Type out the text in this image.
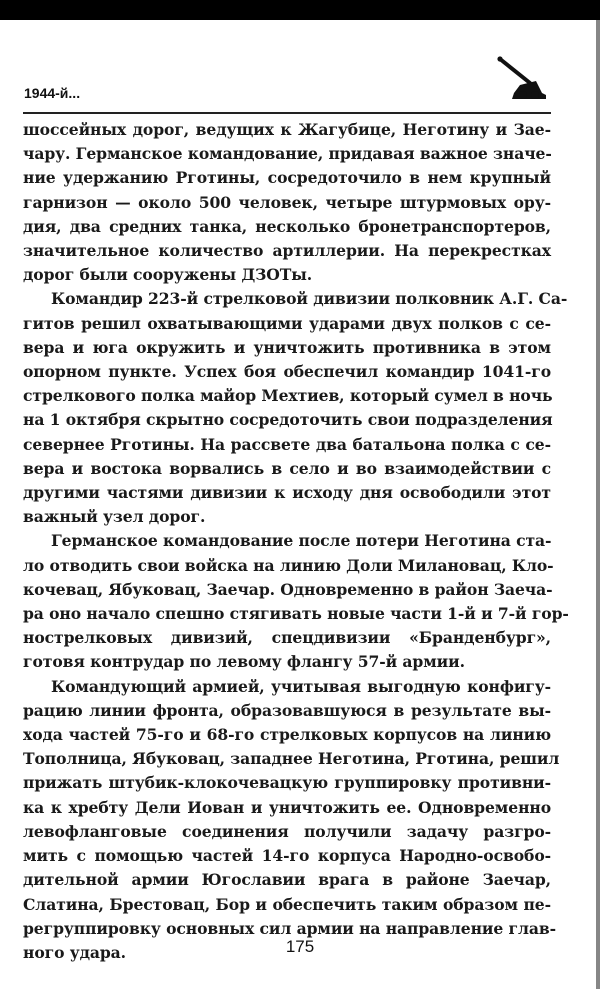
1944-й...

шоссейных дорог, ведущих к Жагубице, Неготину и Зае-
чару. Германское командование, придавая важное значе-
ние удержанию Рготины, сосредоточило в нем крупный
гарнизон — около 500 человек, четыре штурмовых ору-
дия, два средних танка, несколько бронетранспортеров,
значительное количество артиллерии. На перекрестках
дорог были сооружены ДЗОТы.

Командир 223-й стрелковой дивизии полковник А.Г. Са-
гитов решил охватывающими ударами двух полков с се-
вера и юга окружить и уничтожить противника в этом
опорном пункте. Успех боя обеспечил командир 1041-го
стрелкового полка майор Мехтиев, который сумел в ночь
на 1 октября скрытно сосредоточить свои подразделения
севернее Рготины. На рассвете два батальона полка с се-
вера и востока ворвались в село и во взаимодействии с
другими частями дивизии к исходу дня освободили этот
важный узел дорог.

Германское командование после потери Неготина ста-
ло отводить свои войска на линию Доли Милановац, Кло-
кочевац, Ябуковац, Заечар. Одновременно в район Заеча-
ра оно начало спешно стягивать новые части 1-й и 7-й гор-
нострелковых дивизий, спецдивизии «Бранденбург»,
готовя контрудар по левому флангу 57-й армии.

Командующий армией, учитывая выгодную конфигу-
рацию линии фронта, образовавшуюся в результате вы-
хода частей 75-го и 68-го стрелковых корпусов на линию
Тополница, Ябуковац, западнее Неготина, Рготина, решил
прижать штубик-клокочевацкую группировку противни-
ка к хребту Дели Иован и уничтожить ее. Одновременно
левофланговые соединения получили задачу разгро-
мить с помощью частей 14-го корпуса Народно-освобо-
дительной армии Югославии врага в районе Заечар,
Слатина, Брестовац, Бор и обеспечить таким образом пе-
регруппировку основных сил армии на направление глав-
ного удара.	175
